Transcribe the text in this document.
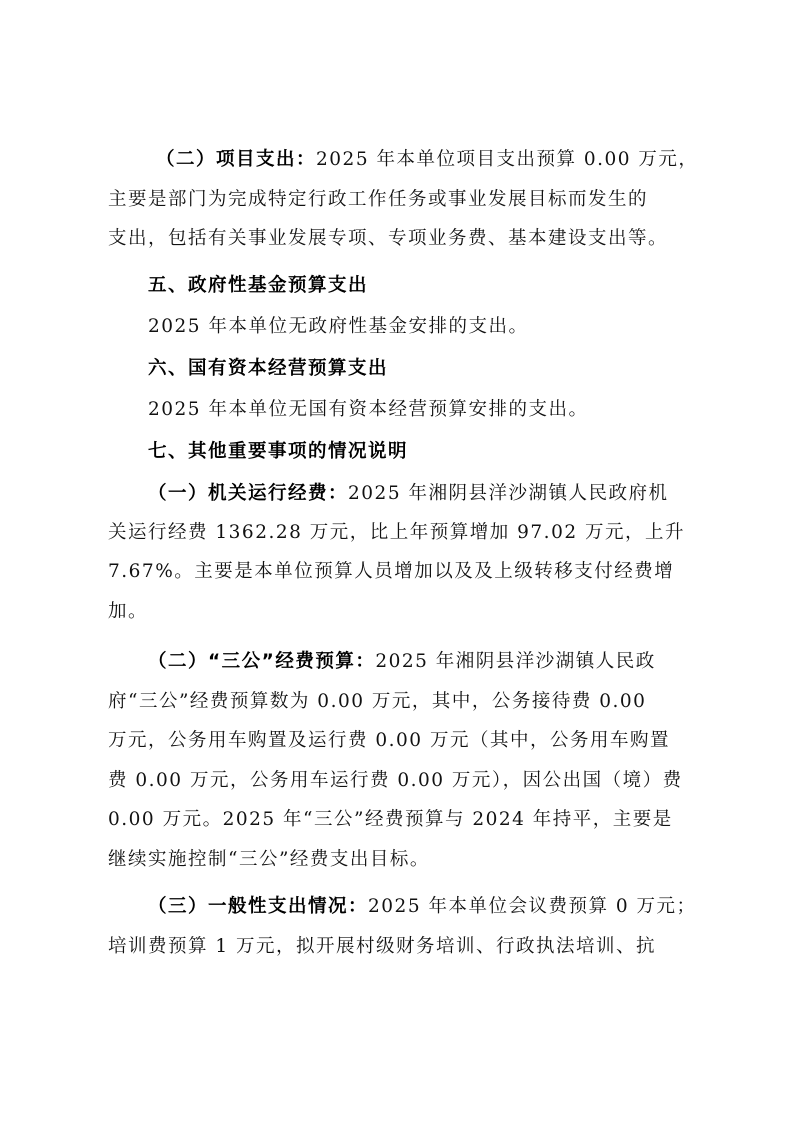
（二）项目支出：2025 年本单位项目支出预算 0.00 万元，

主要是部门为完成特定行政工作任务或事业发展目标而发生的

支出，包括有关事业发展专项、专项业务费、基本建设支出等。

五、政府性基金预算支出

2025 年本单位无政府性基金安排的支出。

六、国有资本经营预算支出

2025 年本单位无国有资本经营预算安排的支出。

七、其他重要事项的情况说明

（一）机关运行经费：2025 年湘阴县洋沙湖镇人民政府机

关运行经费 1362.28 万元，比上年预算增加 97.02 万元，上升

7.67%。主要是本单位预算人员增加以及及上级转移支付经费增

加。

（二）“三公”经费预算：2025 年湘阴县洋沙湖镇人民政

府“三公”经费预算数为 0.00 万元，其中，公务接待费 0.00

万元，公务用车购置及运行费 0.00 万元（其中，公务用车购置

费 0.00 万元，公务用车运行费 0.00 万元），因公出国（境）费

0.00 万元。2025 年“三公”经费预算与 2024 年持平，主要是

继续实施控制“三公”经费支出目标。

（三）一般性支出情况：2025 年本单位会议费预算 0 万元；

培训费预算 1 万元，拟开展村级财务培训、行政执法培训、抗
